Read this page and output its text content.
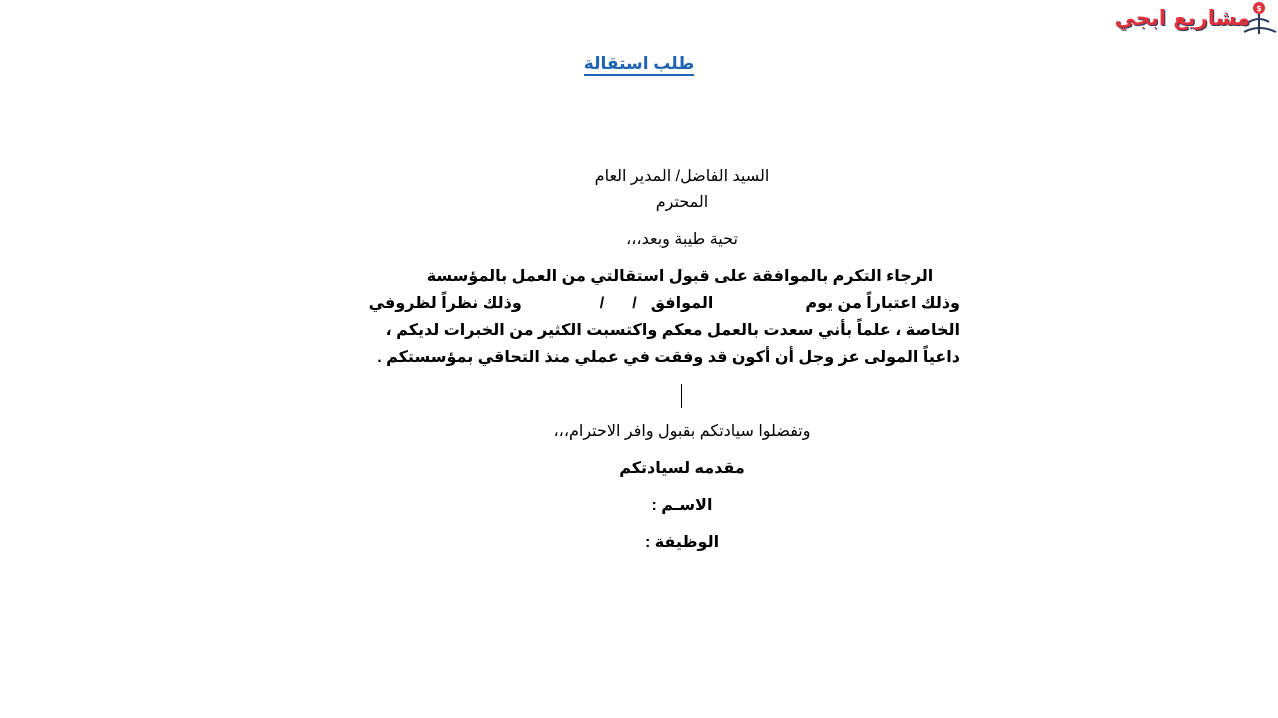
$
مشاريع ابجي
طلب استقالة
السيد الفاضل/ المدير العام
المحترم
تحية طيبة وبعد،،،
الرجاء التكرم بالموافقة على قبول استقالتي من العمل بالمؤسسة
وذلك اعتباراً من يومالموافق//وذلك نظراً لظروفي
الخاصة ، علماً بأني سعدت بالعمل معكم واكتسبت الكثير من الخبرات لديكم ،
داعياً المولى عز وجل أن أكون قد وفقت في عملي منذ التحاقي بمؤسستكم .
وتفضلوا سيادتكم بقبول وافر الاحترام،،،
مقدمه لسيادتكم
الاسـم :
الوظيفة :
